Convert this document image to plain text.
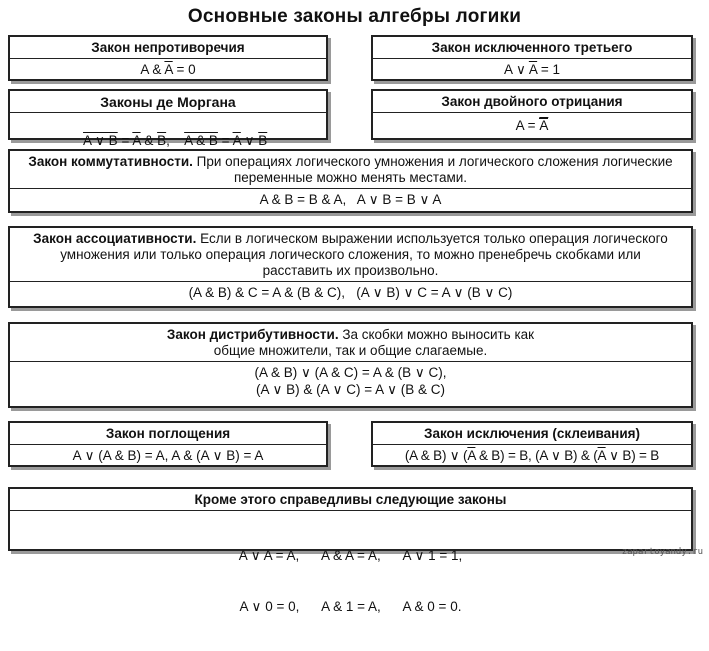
Основные законы алгебры логики
Закон непротиворечия
A & $\overline{A} = 0$
Закон исключенного третьего
A ∨ $\overline{A} = 1$
Законы де Моргана

A ∨ $B = \overline{A}$ & $\overline{B}$,    A & $B = \overline{A}$ ∨ $\overline{B}$

Закон двойного отрицания
$A = \overline{A}$
Закон коммутативности. При операциях логического умножения и логического сложения логические переменные можно менять местами.
A & B = B & A,   A ∨ B = B ∨ A
Закон ассоциативности. Если в логическом выражении используется только операция логического умножения или только операция логического сложения, то можно пренебречь скобками или расставить их произвольно.
(A & B) & C = A & (B & C),   (A ∨ B) ∨ C = A ∨ (B ∨ C)
Закон дистрибутивности. За скобки можно выносить как общие множители, так и общие слагаемые.
(A & B) ∨ (A & C) = A & (B ∨ C),
(A ∨ B) & (A ∨ C) = A ∨ (B & C)
Закон поглощения
A ∨ (A & B) = A, A & (A ∨ B) = A
Закон исключения (склеивания)
(A & B) ∨ ($\overline{A}$ & B) = B, (A ∨ B) & ($\overline{A}$ ∨ B) = B
Кроме этого справедливы следующие законы

A ∨ A = A,      A & A = A,      A ∨ 1 = 1,

A ∨ 0 = 0,      A & 1 = A,      A & 0 = 0.

zapartoyandy.ru
